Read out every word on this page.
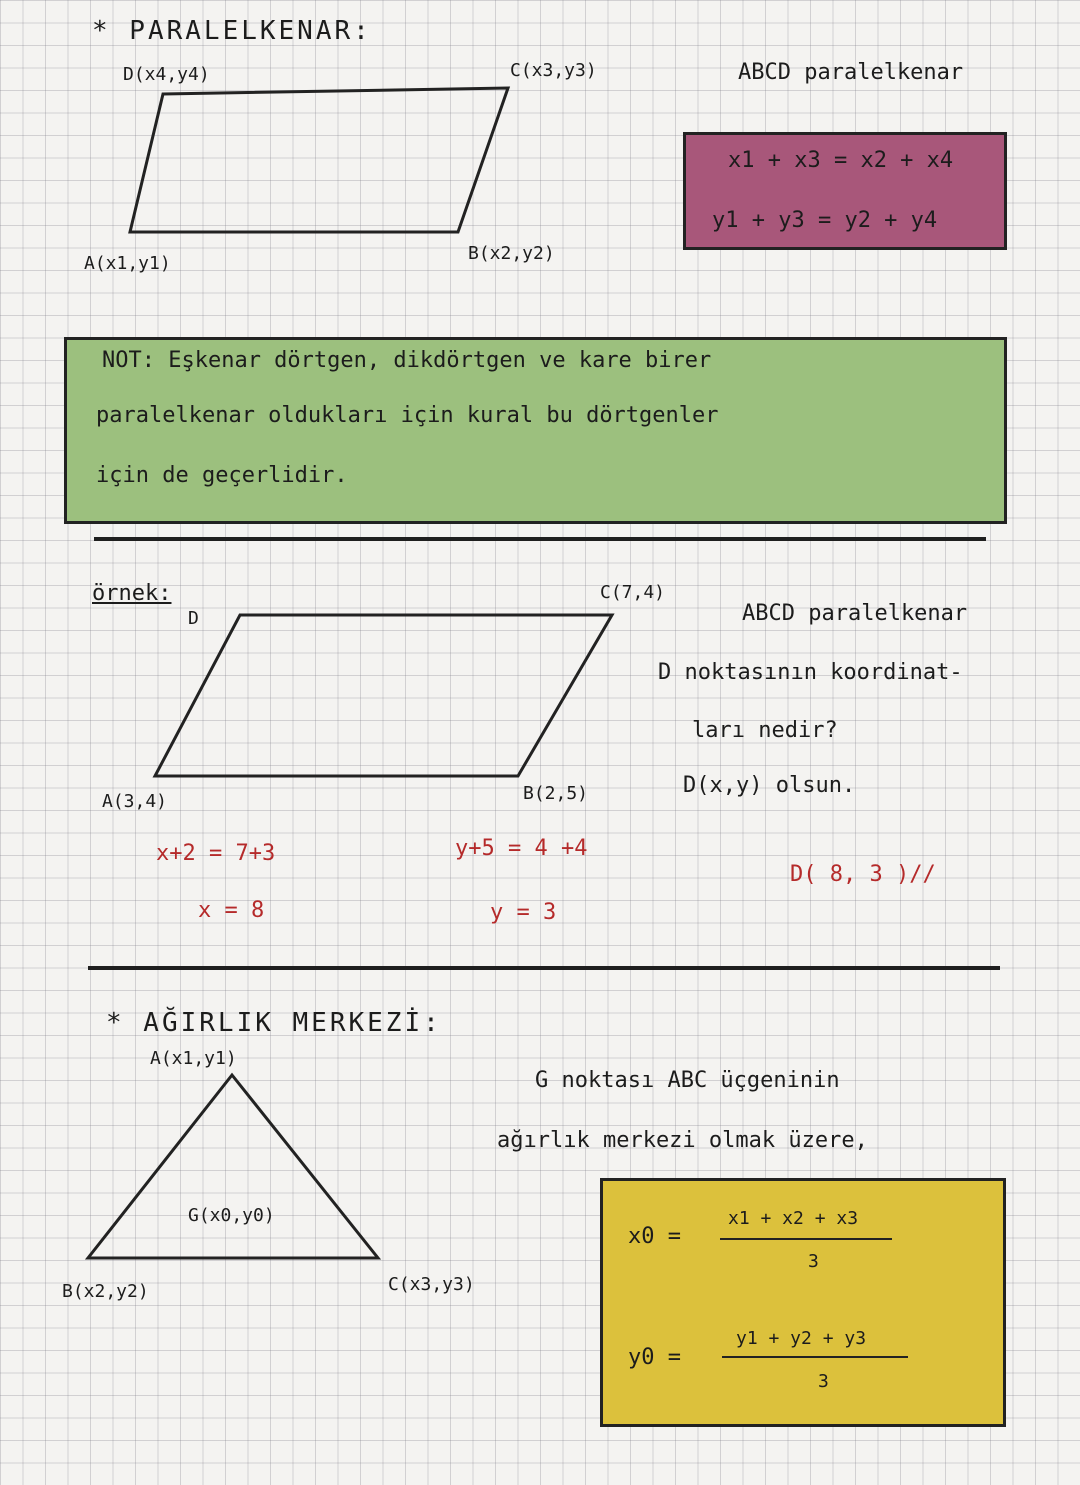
* PARALELKENAR:
D(x4,y4)	C(x3,y3)
A(x1,y1)	B(x2,y2)
ABCD paralelkenar
x1 + x3 = x2 + x4
y1 + y3 = y2 + y4
NOT: Eşkenar dörtgen, dikdörtgen ve kare birer
paralelkenar oldukları için kural bu dörtgenler
için de geçerlidir.
örnek:
D
C(7,4)
A(3,4)	B(2,5)
ABCD paralelkenar
D noktasının koordinat-
ları nedir?
D(x,y) olsun.
x+2 = 7+3
x = 8
y+5 = 4 +4
y = 3
D( 8, 3 )//
* AĞIRLIK MERKEZİ:
A(x1,y1)
B(x2,y2)	C(x3,y3)
G(x0,y0)
G noktası ABC üçgeninin
ağırlık merkezi olmak üzere,
x0 =
x1 + x2 + x3
3
y0 =
y1 + y2 + y3
3
